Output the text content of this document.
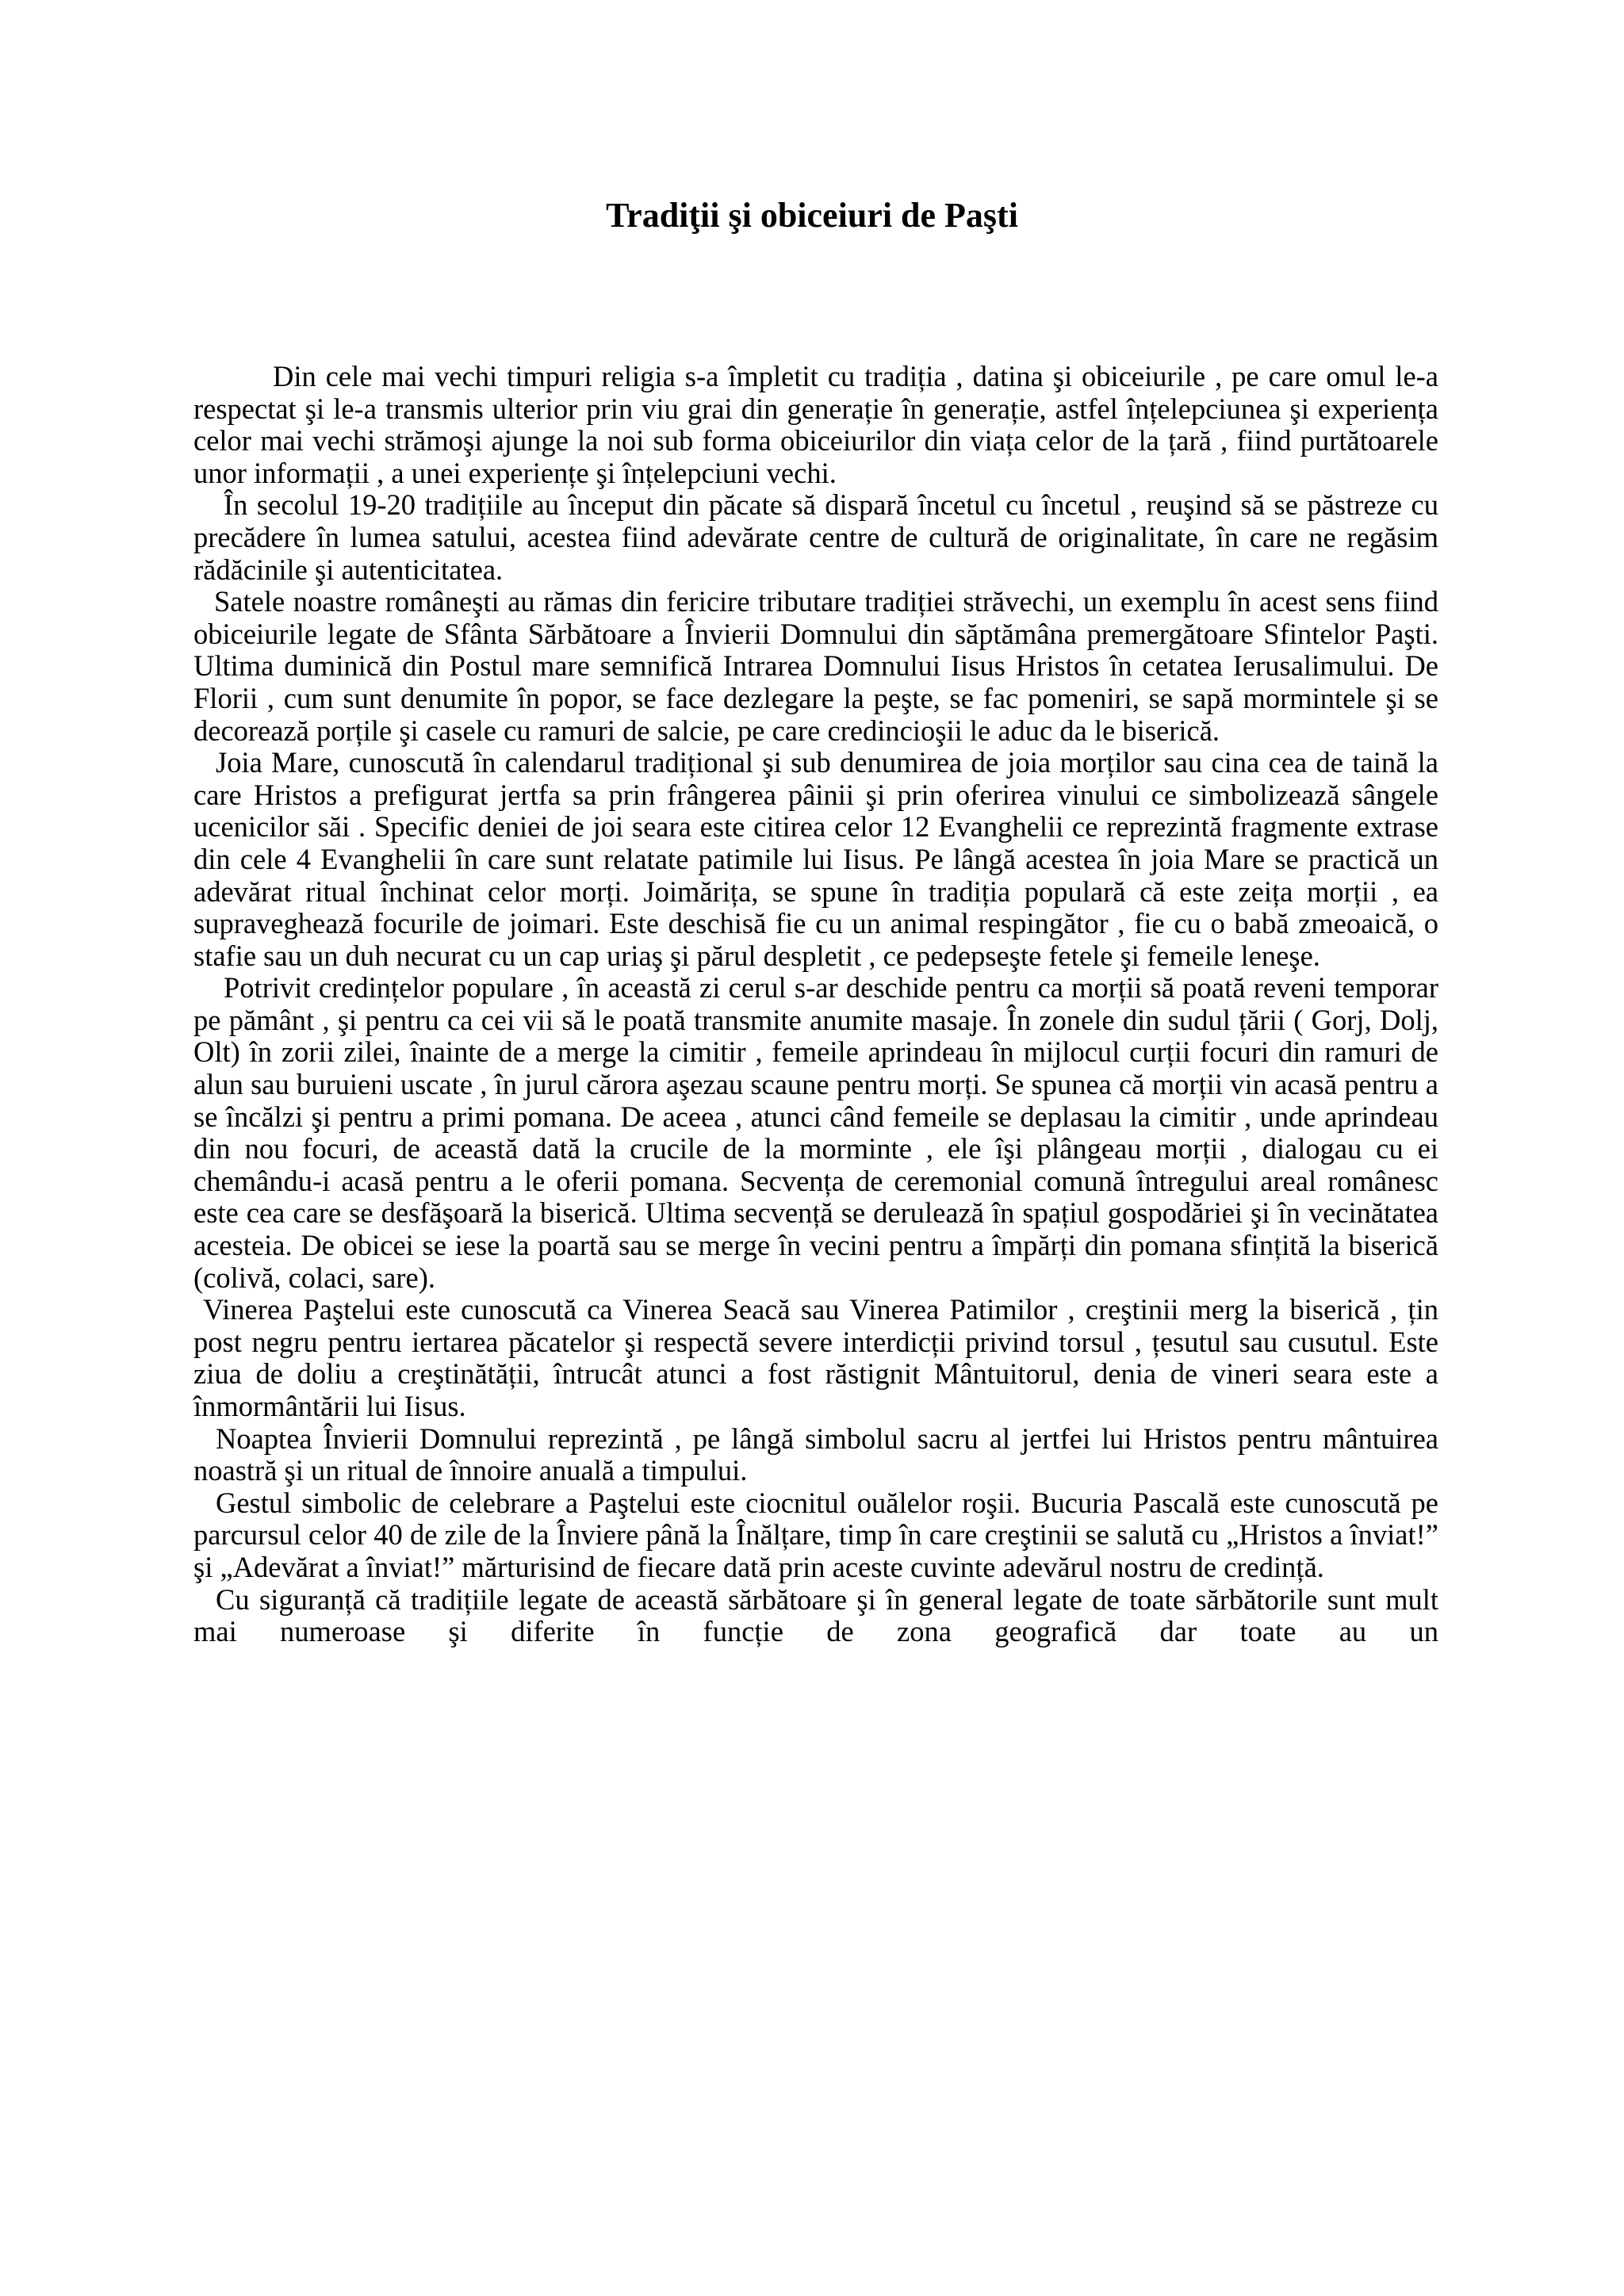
Tradiţii şi obiceiuri de Paşti

Din cele mai vechi timpuri religia s-a împletit cu tradiția , datina şi obiceiurile , pe care omul le-a respectat şi le-a transmis ulterior prin viu grai din generație în generație, astfel înțelepciunea şi experiența celor mai vechi strămoşi ajunge la noi sub forma obiceiurilor din viața celor de la țară , fiind purtătoarele unor informații , a unei experiențe şi înțelepciuni vechi.

În secolul 19-20 tradițiile au început din păcate să dispară încetul cu încetul , reuşind să se păstreze cu precădere în lumea satului, acestea fiind adevărate centre de cultură de originalitate, în care ne regăsim rădăcinile şi autenticitatea.

Satele noastre româneşti au rămas din fericire tributare tradiției străvechi, un exemplu în acest sens fiind obiceiurile legate de Sfânta Sărbătoare a Învierii Domnului din săptămâna premergătoare Sfintelor Paşti. Ultima duminică din Postul mare semnifică Intrarea Domnului Iisus Hristos în cetatea Ierusalimului. De Florii , cum sunt denumite în popor, se face dezlegare la peşte, se fac pomeniri, se sapă mormintele şi se decorează porțile şi casele cu ramuri de salcie, pe care credincioşii le aduc da le biserică.

Joia Mare, cunoscută în calendarul tradițional şi sub denumirea de joia morților sau cina cea de taină la care Hristos a prefigurat jertfa sa prin frângerea pâinii şi prin oferirea vinului ce simbolizează sângele ucenicilor săi . Specific deniei de joi seara este citirea celor 12 Evanghelii ce reprezintă fragmente extrase din cele 4 Evanghelii în care sunt relatate patimile lui Iisus. Pe lângă acestea în joia Mare se practică un adevărat ritual închinat celor morți. Joimărița, se spune în tradiția populară că este zeița morții , ea supraveghează focurile de joimari. Este deschisă fie cu un animal respingător , fie cu o babă zmeoaică, o stafie sau un duh necurat cu un cap uriaş şi părul despletit , ce pedepseşte fetele şi femeile leneşe.

Potrivit credințelor populare , în această zi cerul s-ar deschide pentru ca morții să poată reveni temporar pe pământ , şi pentru ca cei vii să le poată transmite anumite masaje. În zonele din sudul țării ( Gorj, Dolj, Olt) în zorii zilei, înainte de a merge la cimitir , femeile aprindeau în mijlocul curții focuri din ramuri de alun sau buruieni uscate , în jurul cărora aşezau scaune pentru morți. Se spunea că morții vin acasă pentru a se încălzi şi pentru a primi pomana. De aceea , atunci când femeile se deplasau la cimitir , unde aprindeau din nou focuri, de această dată la crucile de la morminte , ele îşi plângeau morții , dialogau cu ei chemându-i acasă pentru a le oferii pomana. Secvența de ceremonial comună întregului areal românesc este cea care se desfăşoară la biserică. Ultima secvență se derulează în spațiul gospodăriei şi în vecinătatea acesteia. De obicei se iese la poartă sau se merge în vecini pentru a împărți din pomana sfințită la biserică (colivă, colaci, sare).

Vinerea Paştelui este cunoscută ca Vinerea Seacă sau Vinerea Patimilor , creştinii merg la biserică , țin post negru pentru iertarea păcatelor şi respectă severe interdicții privind torsul , țesutul sau cusutul. Este ziua de doliu a creştinătății, întrucât atunci a fost răstignit Mântuitorul, denia de vineri seara este a înmormântării lui Iisus.

Noaptea Învierii Domnului reprezintă , pe lângă simbolul sacru al jertfei lui Hristos pentru mântuirea noastră şi un ritual de înnoire anuală a timpului.

Gestul simbolic de celebrare a Paştelui este ciocnitul ouălelor roşii. Bucuria Pascală este cunoscută pe parcursul celor 40 de zile de la Înviere până la Înălțare, timp în care creştinii se salută cu „Hristos a înviat!” şi „Adevărat a înviat!” mărturisind de fiecare dată prin aceste cuvinte adevărul nostru de credință.

Cu siguranță că tradițiile legate de această sărbătoare şi în general legate de toate sărbătorile sunt mult mai numeroase şi diferite în funcție de zona geografică dar toate au un
